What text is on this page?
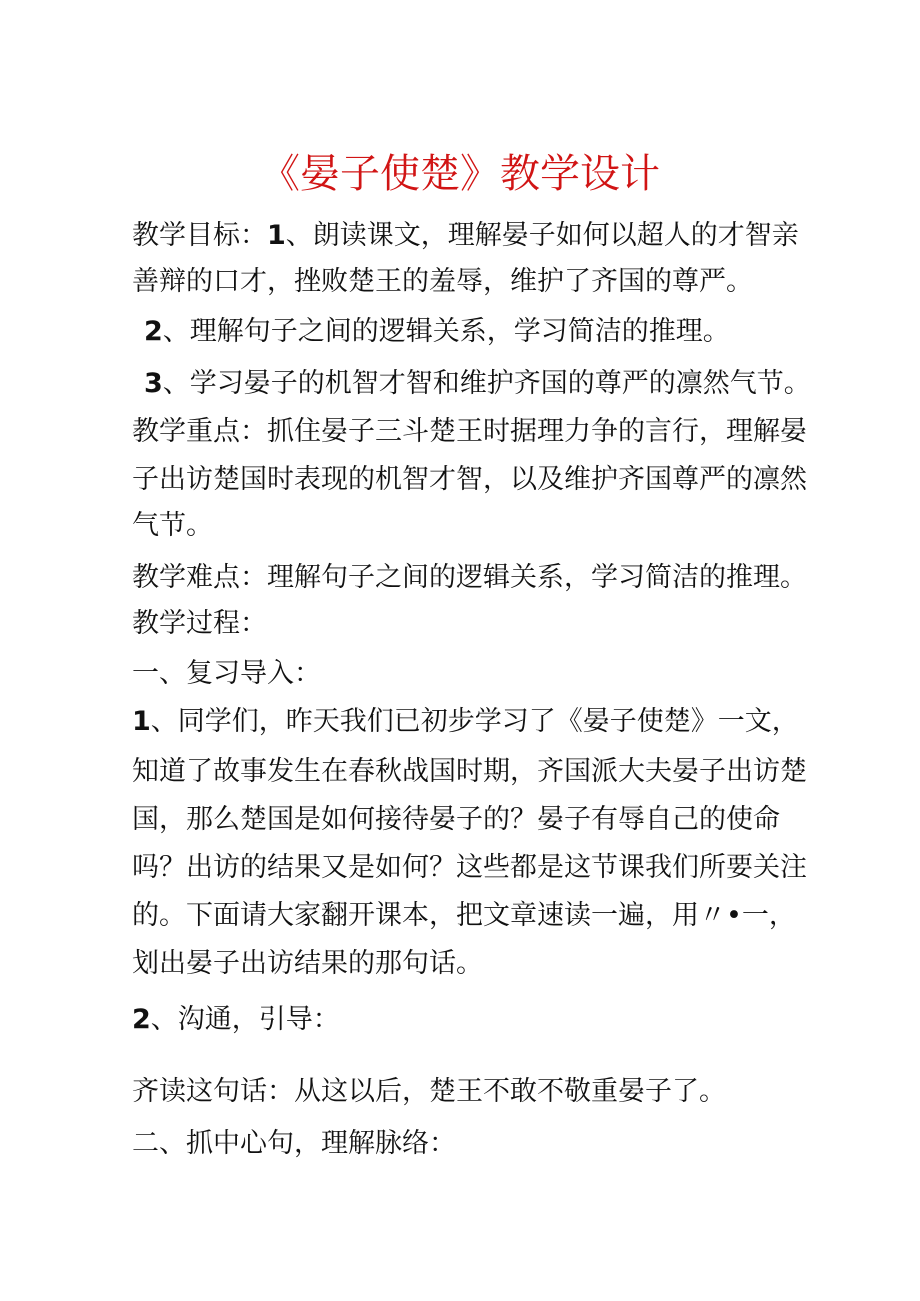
《晏子使楚》教学设计
教学目标：1、朗读课文，理解晏子如何以超人的才智亲
善辩的口才，挫败楚王的羞辱，维护了齐国的尊严。
2、理解句子之间的逻辑关系，学习简洁的推理。
3、学习晏子的机智才智和维护齐国的尊严的凛然气节。
教学重点：抓住晏子三斗楚王时据理力争的言行，理解晏
子出访楚国时表现的机智才智，以及维护齐国尊严的凛然
气节。
教学难点：理解句子之间的逻辑关系，学习简洁的推理。
教学过程：
一、复习导入：
1、同学们，昨天我们已初步学习了《晏子使楚》一文，
知道了故事发生在春秋战国时期，齐国派大夫晏子出访楚
国，那么楚国是如何接待晏子的？晏子有辱自己的使命
吗？出访的结果又是如何？这些都是这节课我们所要关注
的。下面请大家翻开课本，把文章速读一遍，用〃•一，
划出晏子出访结果的那句话。
2、沟通，引导：
齐读这句话：从这以后，楚王不敢不敬重晏子了。
二、抓中心句，理解脉络：
